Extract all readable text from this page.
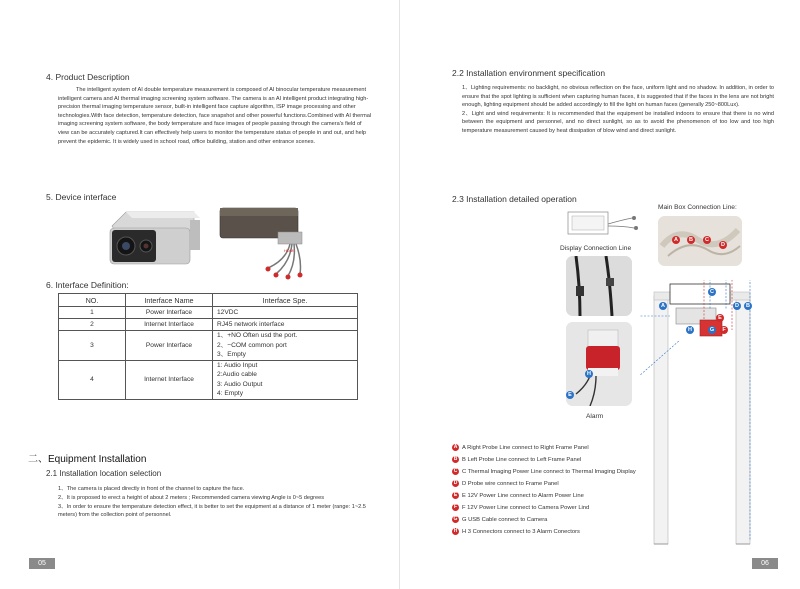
4. Product Description

The intelligent system of AI double temperature measurement is composed of AI binocular temperature measurement intelligent camera and AI thermal imaging screening system software. The camera is an AI intelligent product integrating high-precision thermal imaging temperature sensor, built-in intelligent face capture algorithm, ISP image processing and other technologies.With face detection, temperature detection, face snapshot and other powerful functions.Combined with AI thermal imaging screening system software, the body temperature and face images of people passing through the camera's field of view can be accurately captured.It can effectively help users to monitor the temperature status of people in and out, and help prevent the epidemic. It is widely used in school road, office building, station and other entrance scenes.

5. Device interface
HDMI
6. Interface Definition:
NO.	Interface Name	Interface Spe.
1	Power Interface	12VDC
2	Internet Interface	RJ45 network interface
3	Power Interface	1、+NO Often usd the port.
2、−COM common port
3、Empty

4	Internet Interface	1: Audio Input
2:Audio cable
3: Audio Output
4: Empty
二、Equipment Installation
2.1 Installation location selection

1、The camera is placed directly in front of the channel to capture the face.

2、It is proposed to erect a height of about 2 meters ; Recommended camera viewing Angle is 0~5 degrees

3、In order to ensure the temperature detection effect, it is better to set the equipment at a distance of 1 meter (range: 1~2.5 meters) from the collection point of personnel.

05
2.2 Installation environment specification

1、Lighting requirements: no backlight, no obvious reflection on the face, uniform light and no shadow. In addition, in order to ensure that the spot lighting is sufficient when capturing human faces, it is suggested that if the faces in the lens are not bright enough, lighting equipment should be added accordingly to fill the light on human faces (generally 250~800Lux).

2、Light and wind requirements: It is recommended that the equipment be installed indoors to ensure that there is no wind between the equipment and personnel, and no direct sunlight, so as to avoid the phenomenon of too low and too high temperature measurement caused by heat dissipation of blow wind and direct sunlight.

2.3 Installation detailed operation
Main Box Connection Line:
Display Connection Line
Alarm
A	B	C
D
H
E
A	D	B
C
E
F
H	G
A A Right Probe Line connect to Right Frame Panel
B B Left Probe Line connect to Left Frame Panel
C C Thermal Imaging Power Line connect to Thermal Imaging Display
D D Probe wire connect to Frame Panel
E E 12V Power Line connect to Alarm Power Line
F F 12V Power Line connect to Camera Power Lind
G G USB Cable connect to Camera
H H 3 Connectors connect to 3 Alarm Conectors
06
